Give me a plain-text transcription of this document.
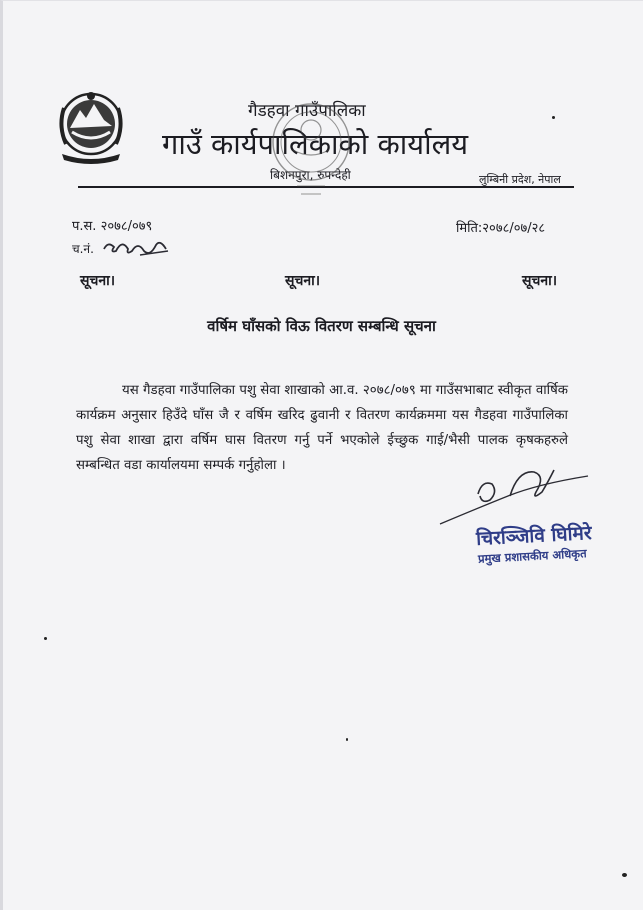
गैडहवा गाउँपालिका
गाउँ कार्यपालिकाको कार्यालय
बिशनपुरा, रुपन्देही	लुम्बिनी प्रदेश, नेपाल
प.स. २०७८/०७९
च.नं.
मिति:२०७८/०७/२८
सूचना।	सूचना।	सूचना।
वर्षिम घाँसको विऊ वितरण सम्बन्धि सूचना
यस गैडहवा गाउँपालिका पशु सेवा शाखाको आ.व. २०७८/०७९ मा गाउँसभाबाट स्वीकृत वार्षिक कार्यक्रम अनुसार हिउँदे घाँस जै र वर्षिम खरिद ढुवानी र वितरण कार्यक्रममा यस गैडहवा गाउँपालिका पशु सेवा शाखा द्वारा वर्षिम घास वितरण गर्नु पर्ने भएकोले ईच्छुक गाई/भैसी पालक कृषकहरुले सम्बन्धित वडा कार्यालयमा सम्पर्क गर्नुहोला ।
चिरञ्जिवि घिमिरे
प्रमुख प्रशासकीय अधिकृत
